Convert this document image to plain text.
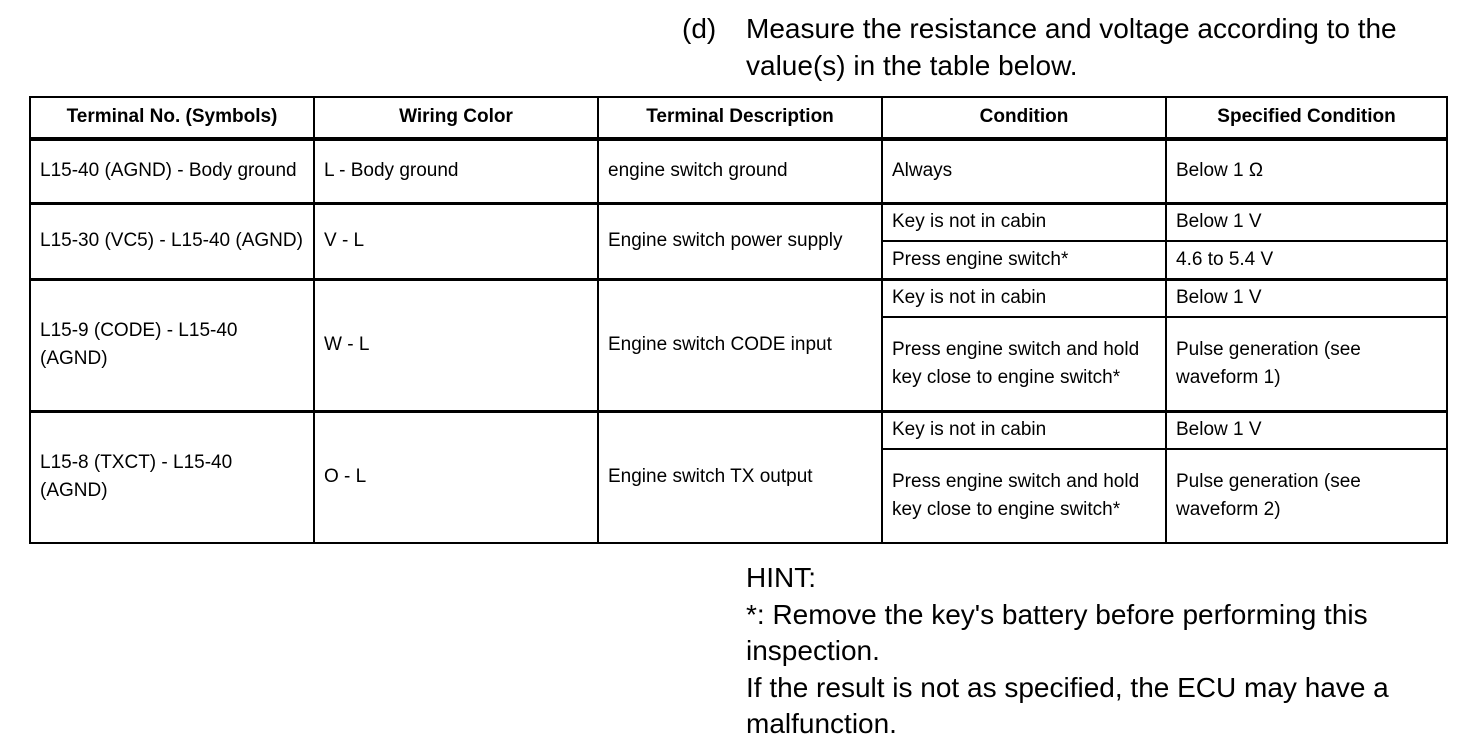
(d) Measure the resistance and voltage according to the value(s) in the table below.
Terminal No. (Symbols)	Wiring Color	Terminal Description	Condition	Specified Condition
L15-40 (AGND) - Body ground	L - Body ground	engine switch ground	Always	Below 1 Ω
L15-30 (VC5) - L15-40 (AGND)	V - L	Engine switch power supply	Key is not in cabin	Below 1 V
			Press engine switch*	4.6 to 5.4 V
L15-9 (CODE) - L15-40 (AGND)	W - L	Engine switch CODE input	Key is not in cabin	Below 1 V
			Press engine switch and hold key close to engine switch*	Pulse generation (see waveform 1)
L15-8 (TXCT) - L15-40 (AGND)	O - L	Engine switch TX output	Key is not in cabin	Below 1 V
			Press engine switch and hold key close to engine switch*	Pulse generation (see waveform 2)
HINT:
*: Remove the key's battery before performing this inspection.
If the result is not as specified, the ECU may have a malfunction.
